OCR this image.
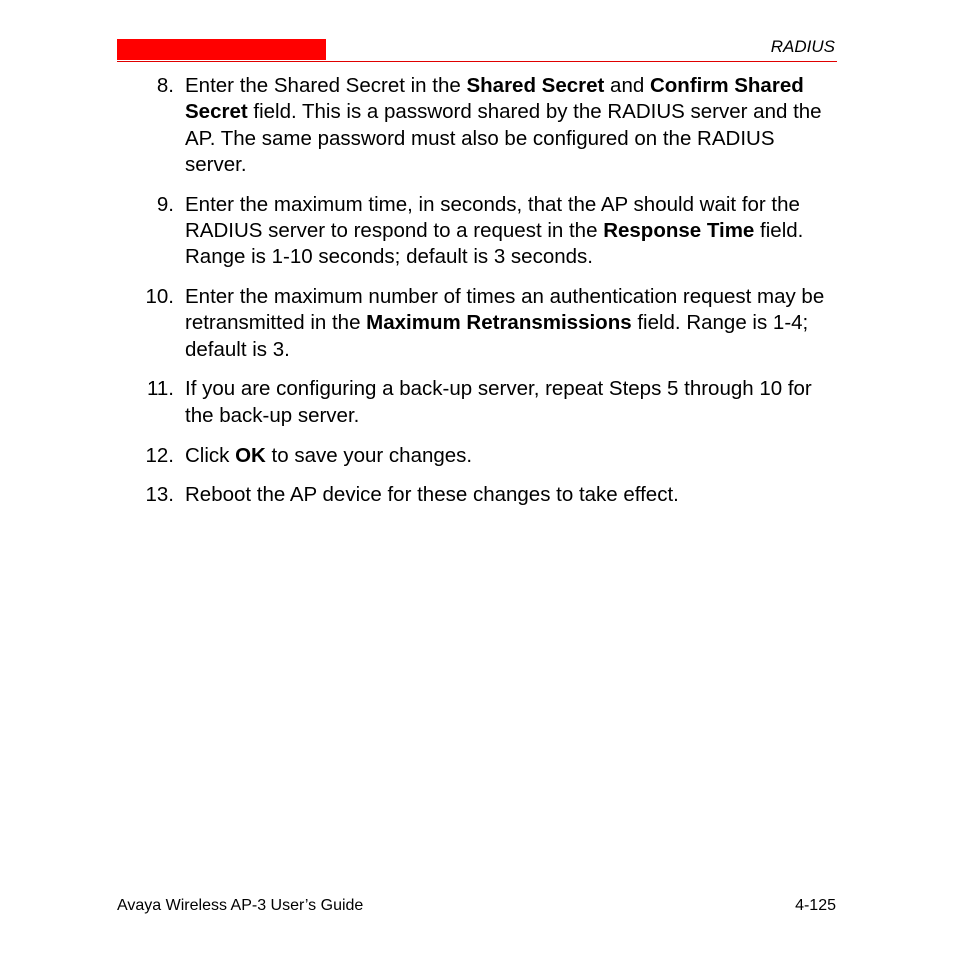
RADIUS
8. Enter the Shared Secret in the Shared Secret and Confirm Shared Secret field. This is a password shared by the RADIUS server and the AP. The same password must also be configured on the RADIUS server.
9. Enter the maximum time, in seconds, that the AP should wait for the RADIUS server to respond to a request in the Response Time field. Range is 1-10 seconds; default is 3 seconds.
10. Enter the maximum number of times an authentication request may be retransmitted in the Maximum Retransmissions field. Range is 1-4; default is 3.
11. If you are configuring a back-up server, repeat Steps 5 through 10 for the back-up server.
12. Click OK to save your changes.
13. Reboot the AP device for these changes to take effect.
Avaya Wireless AP-3 User’s Guide	4-125
